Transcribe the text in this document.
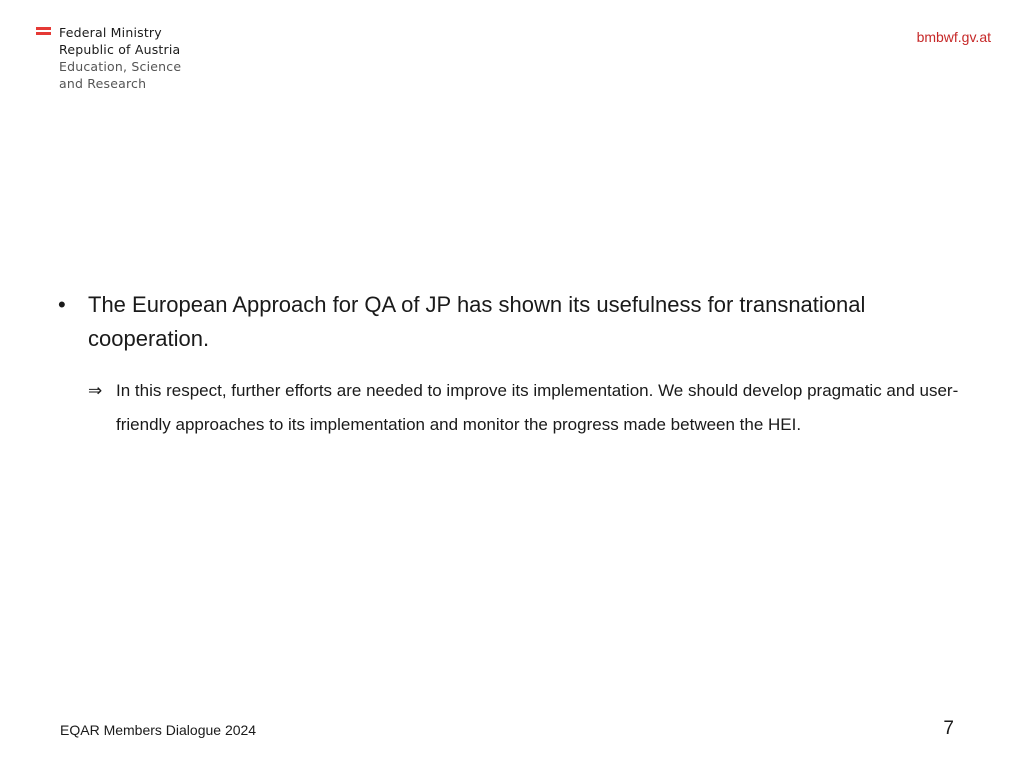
Federal Ministry
Republic of Austria
Education, Science
and Research
bmbwf.gv.at
•	The European Approach for QA of JP has shown its usefulness for transnational cooperation.
⇒ In this respect, further efforts are needed to improve its implementation. We should develop pragmatic and user-friendly approaches to its implementation and monitor the progress made between the HEI.
EQAR Members Dialogue 2024	7
